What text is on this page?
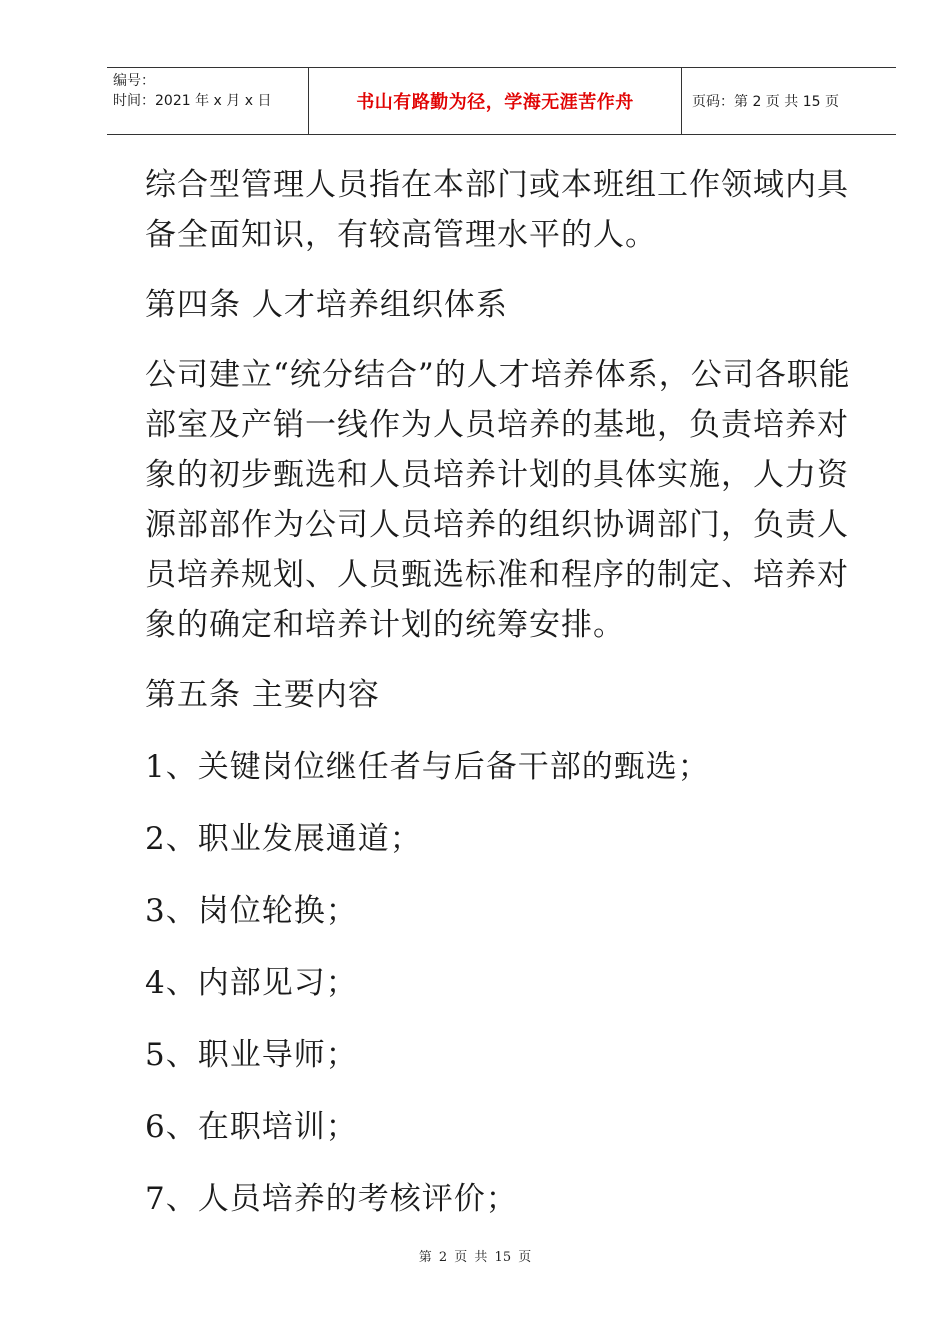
编号：
时间：2021 年 x 月 x 日	书山有路勤为径，学海无涯苦作舟	页码：第 2 页 共 15 页

综合型管理人员指在本部门或本班组工作领域内具备全面知识，有较高管理水平的人。

第四条 人才培养组织体系

公司建立“统分结合”的人才培养体系，公司各职能部室及产销一线作为人员培养的基地，负责培养对象的初步甄选和人员培养计划的具体实施，人力资源部部作为公司人员培养的组织协调部门，负责人员培养规划、人员甄选标准和程序的制定、培养对象的确定和培养计划的统筹安排。

第五条 主要内容

1、关键岗位继任者与后备干部的甄选；

2、职业发展通道；

3、岗位轮换；

4、内部见习；

5、职业导师；

6、在职培训；

7、人员培养的考核评价；

第 2 页 共 15 页
